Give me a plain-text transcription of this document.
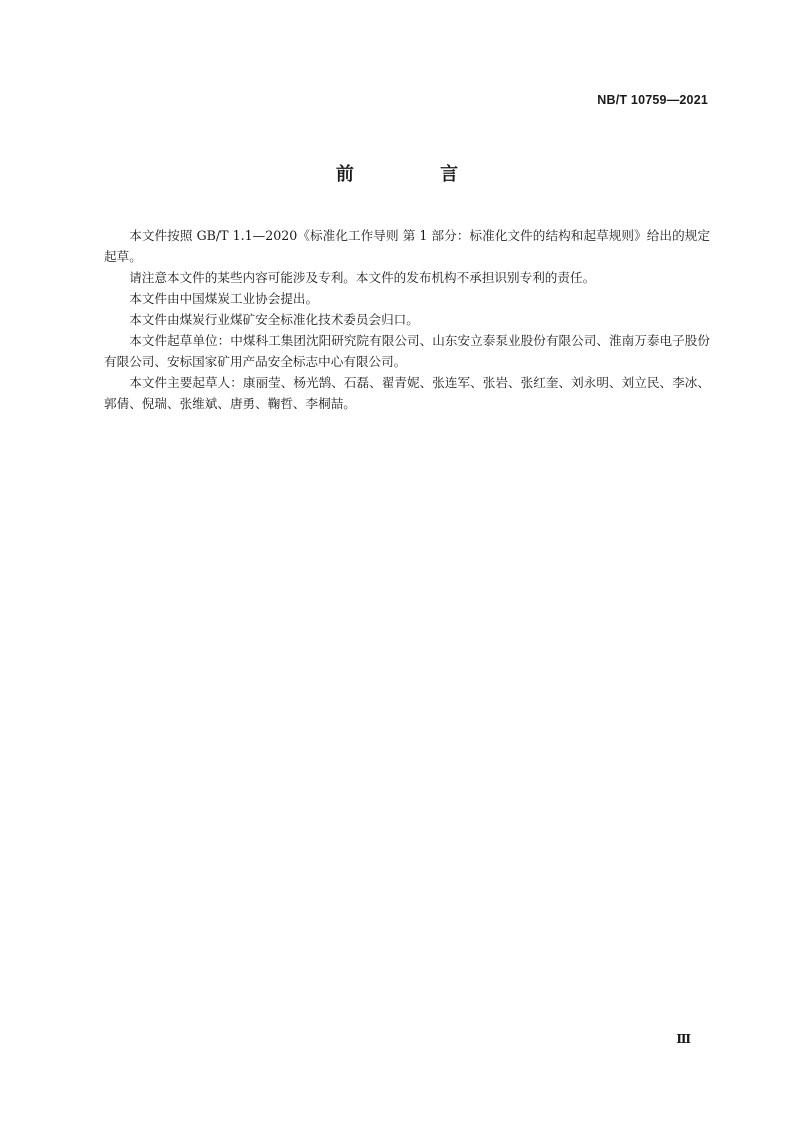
NB/T 10759—2021
前 言

本文件按照 GB/T 1.1—2020《标准化工作导则 第 1 部分：标准化文件的结构和起草规则》给出的规定起草。

请注意本文件的某些内容可能涉及专利。本文件的发布机构不承担识别专利的责任。

本文件由中国煤炭工业协会提出。

本文件由煤炭行业煤矿安全标准化技术委员会归口。

本文件起草单位：中煤科工集团沈阳研究院有限公司、山东安立泰泵业股份有限公司、淮南万泰电子股份有限公司、安标国家矿用产品安全标志中心有限公司。

本文件主要起草人：康丽莹、杨光鹄、石磊、翟青妮、张连军、张岩、张红奎、刘永明、刘立民、李冰、郭倩、倪瑞、张维斌、唐勇、鞠哲、李桐喆。

Ⅲ
